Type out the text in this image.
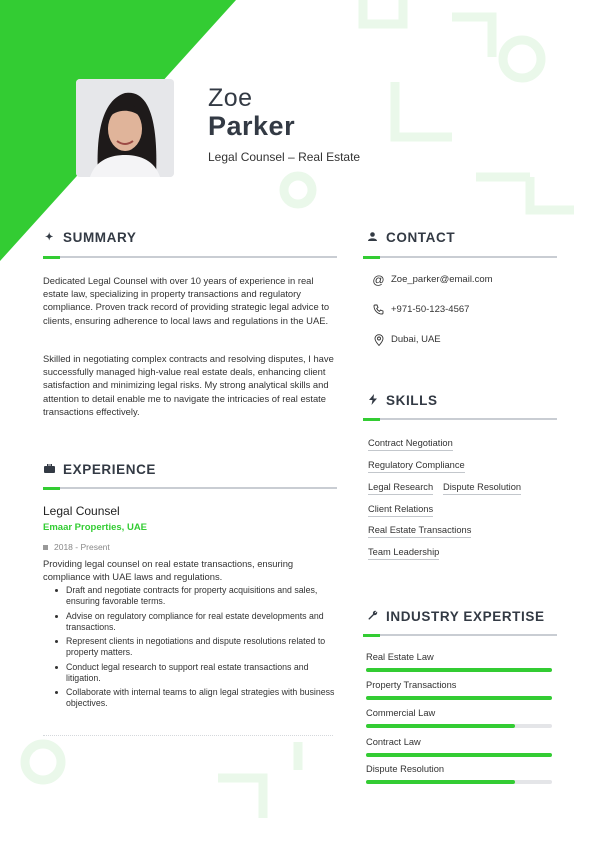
Zoe
Parker
Legal Counsel – Real Estate
✦ SUMMARY
Dedicated Legal Counsel with over 10 years of experience in real estate law, specializing in property transactions and regulatory compliance. Proven track record of providing strategic legal advice to clients, ensuring adherence to local laws and regulations in the UAE.
Skilled in negotiating complex contracts and resolving disputes, I have successfully managed high-value real estate deals, enhancing client satisfaction and minimizing legal risks. My strong analytical skills and attention to detail enable me to navigate the intricacies of real estate transactions effectively.
EXPERIENCE
Legal Counsel
Emaar Properties, UAE
2018 - Present
Providing legal counsel on real estate transactions, ensuring compliance with UAE laws and regulations.
Draft and negotiate contracts for property acquisitions and sales, ensuring favorable terms.
Advise on regulatory compliance for real estate developments and transactions.
Represent clients in negotiations and dispute resolutions related to property matters.
Conduct legal research to support real estate transactions and litigation.
Collaborate with internal teams to align legal strategies with business objectives.
CONTACT
@ Zoe_parker@email.com
+971-50-123-4567
Dubai, UAE
SKILLS
Contract Negotiation
Regulatory Compliance
Legal Research Dispute Resolution
Client Relations
Real Estate Transactions
Team Leadership
INDUSTRY EXPERTISE
Real Estate Law
Property Transactions
Commercial Law
Contract Law
Dispute Resolution
